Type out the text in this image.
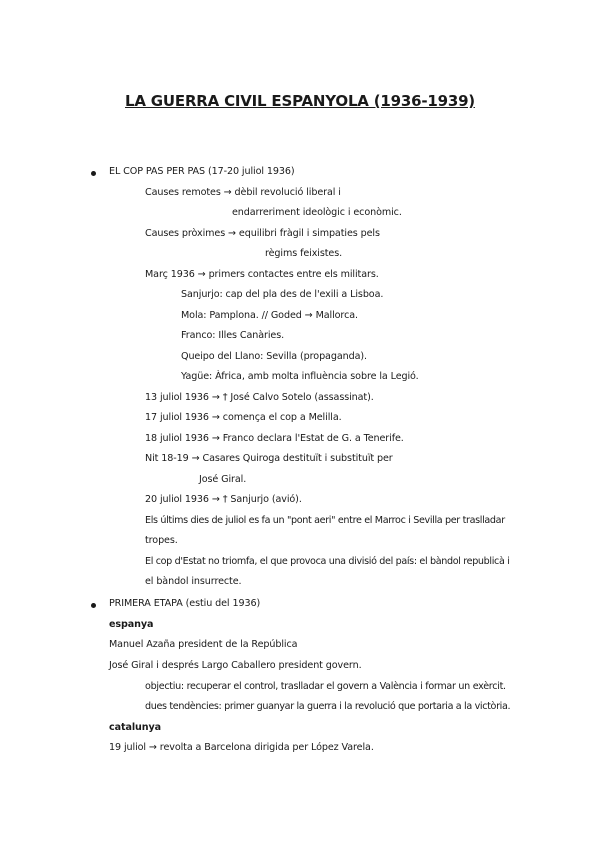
LA GUERRA CIVIL ESPANYOLA (1936-1939)
EL COP PAS PER PAS (17-20 juliol 1936)
Causes remotes → dèbil revolució liberal i
endarreriment ideològic i econòmic.
Causes pròximes → equilibri fràgil i simpaties pels
règims feixistes.
Març 1936 → primers contactes entre els militars.
Sanjurjo: cap del pla des de l'exili a Lisboa.
Mola: Pamplona. // Goded → Mallorca.
Franco: Illes Canàries.
Queipo del Llano: Sevilla (propaganda).
Yagüe: Àfrica, amb molta influència sobre la Legió.
13 juliol 1936 → † José Calvo Sotelo (assassinat).
17 juliol 1936 → comença el cop a Melilla.
18 juliol 1936 → Franco declara l'Estat de G. a Tenerife.
Nit 18-19 → Casares Quiroga destituït i substituït per
José Giral.
20 juliol 1936 → † Sanjurjo (avió).
Els últims dies de juliol es fa un "pont aeri" entre el Marroc i Sevilla per traslladar
tropes.
El cop d'Estat no triomfa, el que provoca una divisió del país: el bàndol republicà i
el bàndol insurrecte.
PRIMERA ETAPA (estiu del 1936)
espanya
Manuel Azaña president de la República
José Giral i després Largo Caballero president govern.
objectiu: recuperar el control, traslladar el govern a València i formar un exèrcit.
dues tendències: primer guanyar la guerra i la revolució que portaria a la victòria.
catalunya
19 juliol → revolta a Barcelona dirigida per López Varela.
